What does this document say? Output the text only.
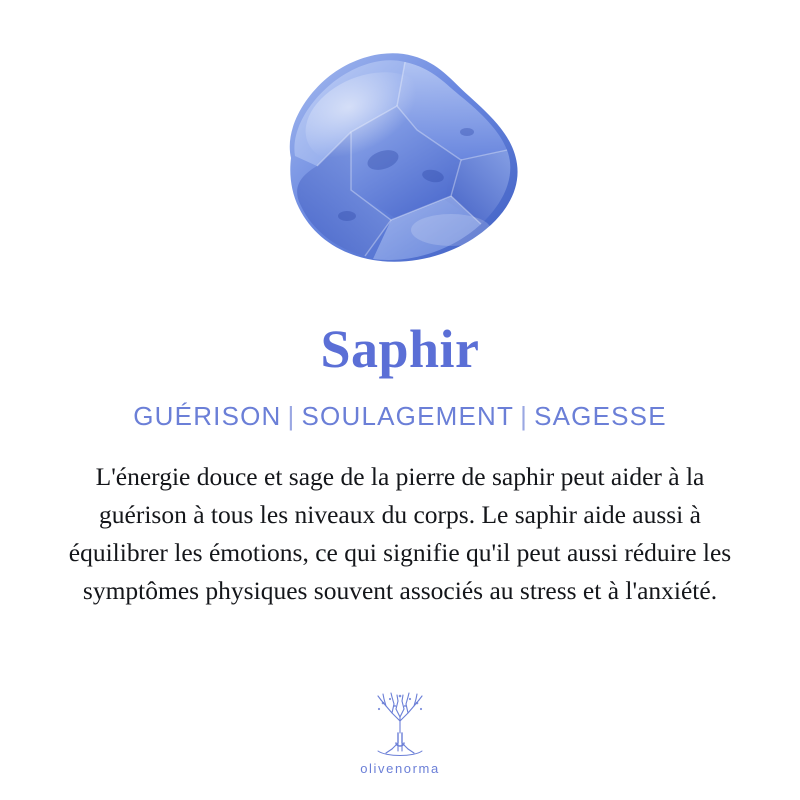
Saphir
GUÉRISON | SOULAGEMENT | SAGESSE

L'énergie douce et sage de la pierre de saphir peut aider à la guérison à tous les niveaux du corps. Le saphir aide aussi à équilibrer les émotions, ce qui signifie qu'il peut aussi réduire les symptômes physiques souvent associés au stress et à l'anxiété.

olivenorma
